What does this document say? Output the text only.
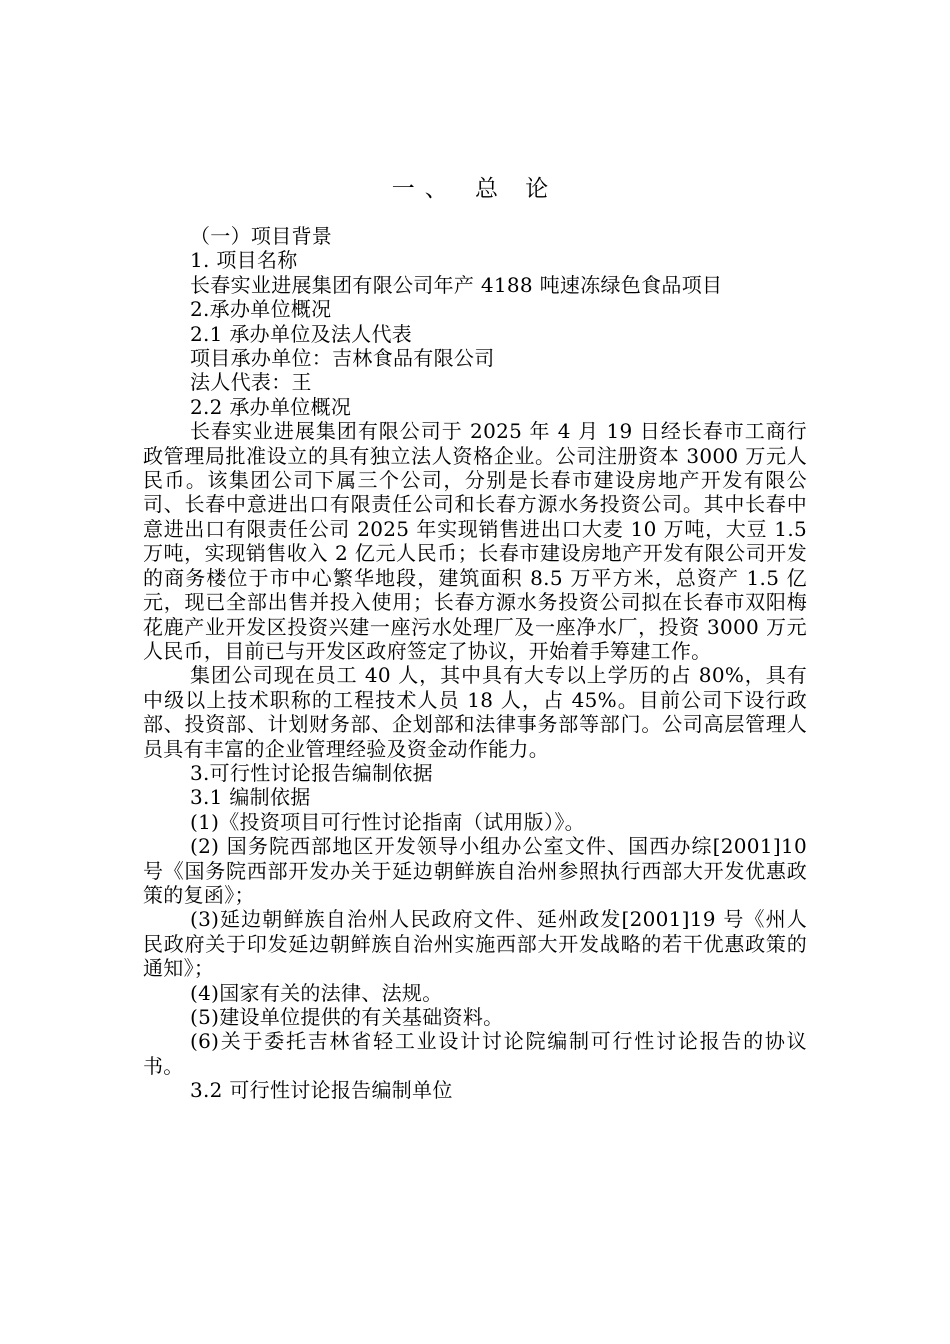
一、 总 论
（一）项目背景
1. 项目名称
长春实业进展集团有限公司年产 4188 吨速冻绿色食品项目
2.承办单位概况
2.1 承办单位及法人代表
项目承办单位：吉林食品有限公司
法人代表：王
2.2 承办单位概况
长春实业进展集团有限公司于 2025 年 4 月 19 日经长春市工商行政管理局批准设立的具有独立法人资格企业。公司注册资本 3000 万元人民币。该集团公司下属三个公司，分别是长春市建设房地产开发有限公司、长春中意进出口有限责任公司和长春方源水务投资公司。其中长春中意进出口有限责任公司 2025 年实现销售进出口大麦 10 万吨，大豆 1.5 万吨，实现销售收入 2 亿元人民币；长春市建设房地产开发有限公司开发的商务楼位于市中心繁华地段，建筑面积 8.5 万平方米，总资产 1.5 亿元，现已全部出售并投入使用；长春方源水务投资公司拟在长春市双阳梅花鹿产业开发区投资兴建一座污水处理厂及一座净水厂，投资 3000 万元人民币，目前已与开发区政府签定了协议，开始着手筹建工作。
集团公司现在员工 40 人，其中具有大专以上学历的占 80%，具有中级以上技术职称的工程技术人员 18 人，占 45%。目前公司下设行政部、投资部、计划财务部、企划部和法律事务部等部门。公司高层管理人员具有丰富的企业管理经验及资金动作能力。
3.可行性讨论报告编制依据
3.1 编制依据
(1)《投资项目可行性讨论指南（试用版）》。
(2) 国务院西部地区开发领导小组办公室文件、国西办综[2001]10 号《国务院西部开发办关于延边朝鲜族自治州参照执行西部大开发优惠政策的复函》；
(3)延边朝鲜族自治州人民政府文件、延州政发[2001]19 号《州人民政府关于印发延边朝鲜族自治州实施西部大开发战略的若干优惠政策的通知》；
(4)国家有关的法律、法规。
(5)建设单位提供的有关基础资料。
(6)关于委托吉林省轻工业设计讨论院编制可行性讨论报告的协议书。
3.2 可行性讨论报告编制单位
